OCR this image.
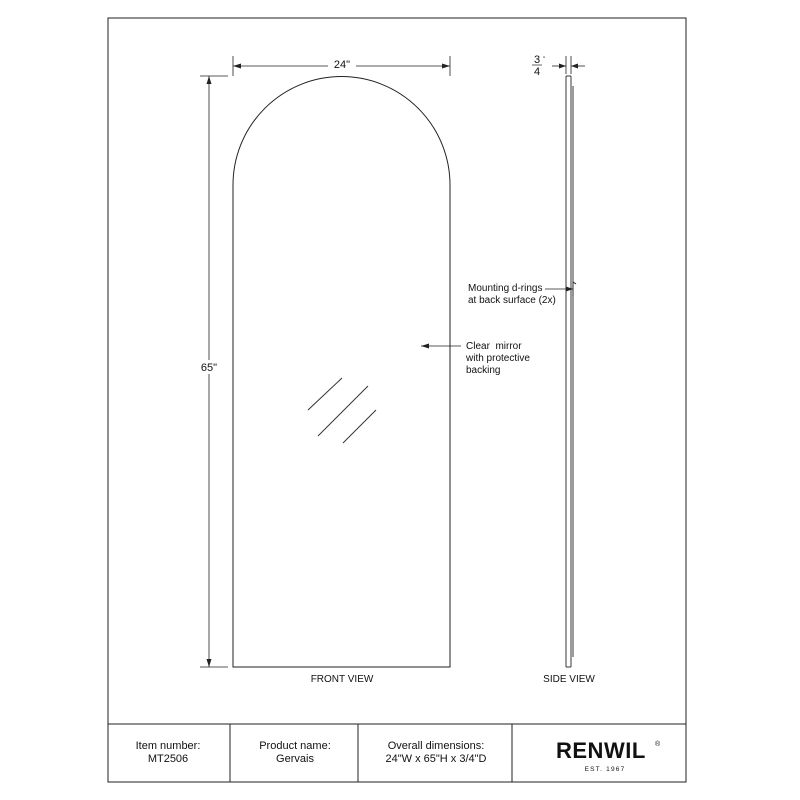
24"
65"
Clear  mirror
with protective
backing
FRONT VIEW
3 "
4
Mounting d-rings
at back surface (2x)
SIDE VIEW
Item number:
MT2506
Product name:
Gervais
Overall dimensions:
24"W x 65"H x 3/4"D	RENWIL ®
EST. 1967
